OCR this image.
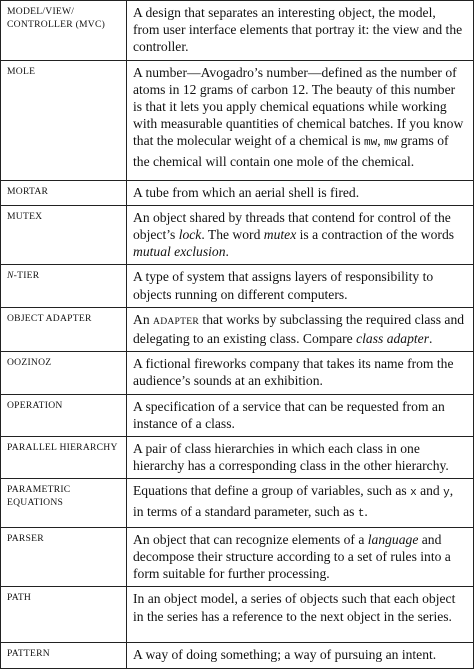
MODEL/VIEW/ CONTROLLER (MVC)	A design that separates an interesting object, the model, from user interface elements that portray it: the view and the controller.
MOLE	A number—Avogadro’s number—defined as the number of atoms in 12 grams of carbon 12. The beauty of this number is that it lets you apply chemical equations while working with measurable quantities of chemical batches. If you know that the molecular weight of a chemical is mw, mw grams of the chemical will contain one mole of the chemical.
MORTAR	A tube from which an aerial shell is fired.
MUTEX	An object shared by threads that contend for control of the object’s lock. The word mutex is a contraction of the words mutual exclusion.
N-TIER	A type of system that assigns layers of responsibility to objects running on different computers.
OBJECT ADAPTER	An ADAPTER that works by subclassing the required class and delegating to an existing class. Compare class adapter.
OOZINOZ	A fictional fireworks company that takes its name from the audience’s sounds at an exhibition.
OPERATION	A specification of a service that can be requested from an instance of a class.
PARALLEL HIERARCHY	A pair of class hierarchies in which each class in one hierarchy has a corresponding class in the other hierarchy.
PARAMETRIC EQUATIONS	Equations that define a group of variables, such as x and y, in terms of a standard parameter, such as t.
PARSER	An object that can recognize elements of a language and decompose their structure according to a set of rules into a form suitable for further processing.
PATH	In an object model, a series of objects such that each object in the series has a reference to the next object in the series.
PATTERN	A way of doing something; a way of pursuing an intent.
